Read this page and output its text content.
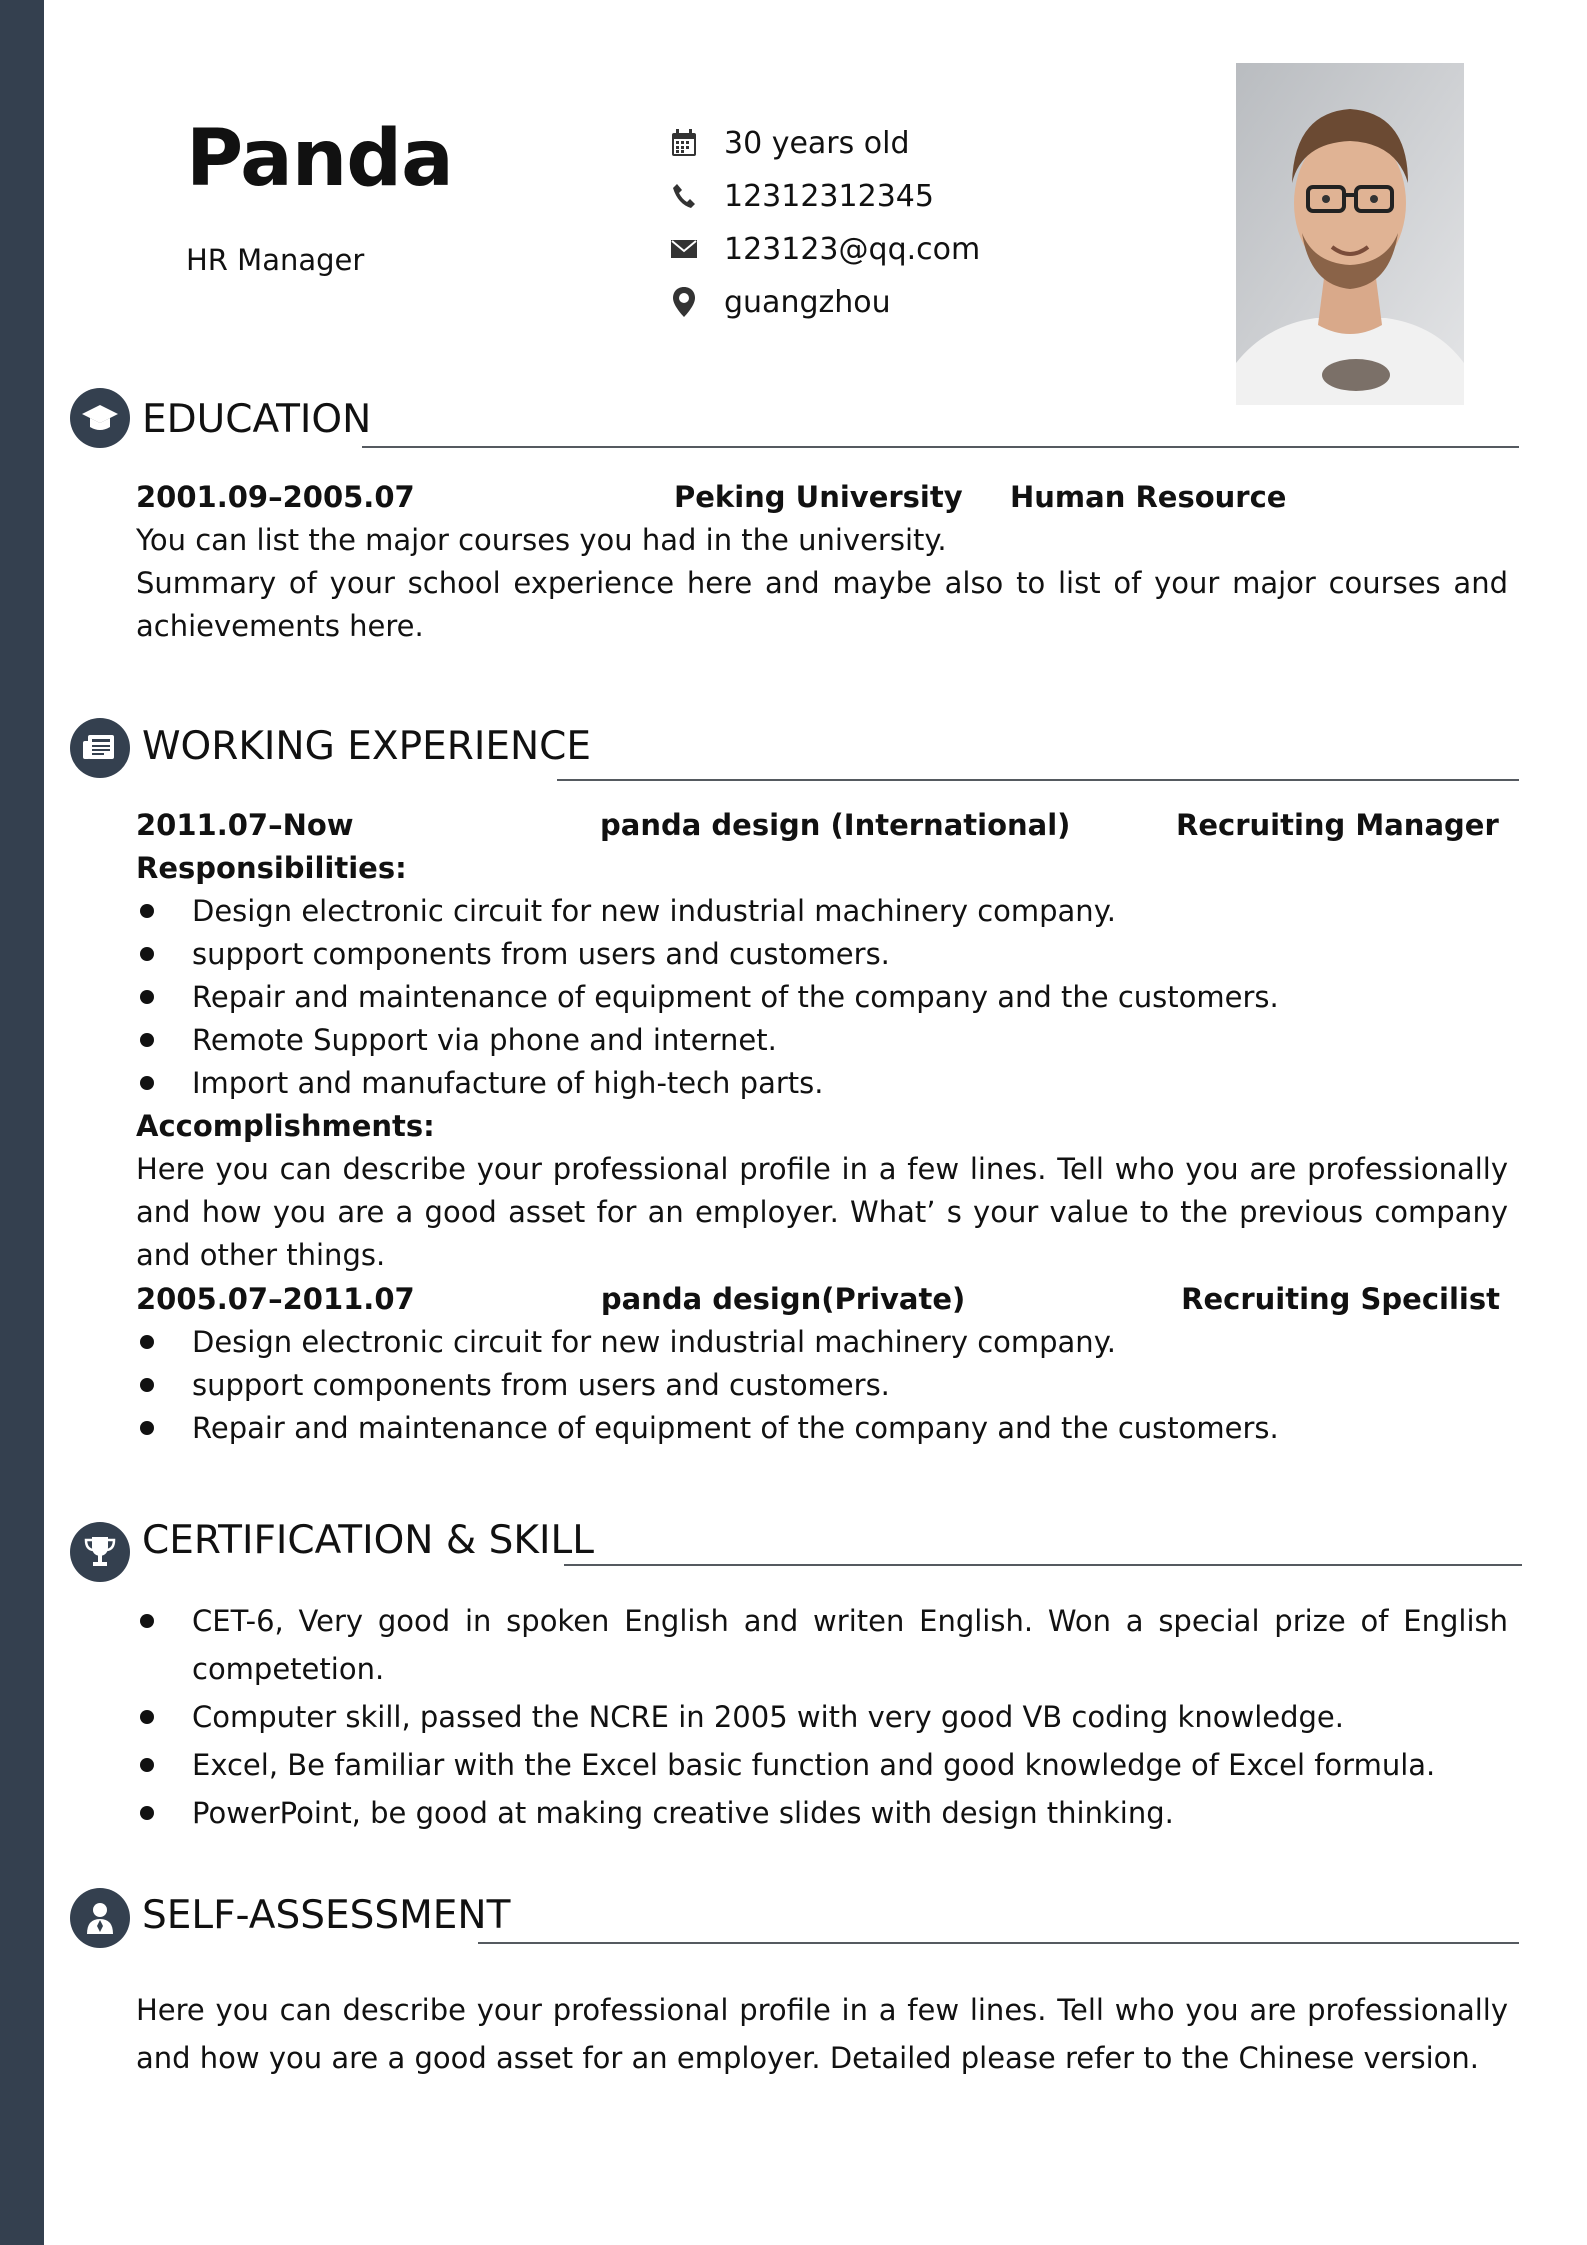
Panda
HR Manager
30 years old
12312312345
123123@qq.com
guangzhou
EDUCATION
2001.09–2005.07	Peking University	Human Resource
You can list the major courses you had in the university.
Summary of your school experience here and maybe also to list of your major courses and achievements here.
WORKING EXPERIENCE
2011.07–Now	panda design (International)	Recruiting Manager
Responsibilities:
Design electronic circuit for new industrial machinery company.
support components from users and customers.
Repair and maintenance of equipment of the company and the customers.
Remote Support via phone and internet.
Import and manufacture of high-tech parts.
Accomplishments:
Here you can describe your professional profile in a few lines. Tell who you are professionally and how you are a good asset for an employer. What’ s your value to the previous company and other things.
2005.07–2011.07	panda design(Private)	Recruiting Specilist
Design electronic circuit for new industrial machinery company.
support components from users and customers.
Repair and maintenance of equipment of the company and the customers.
CERTIFICATION & SKILL
CET-6, Very good in spoken English and writen English. Won a special prize of English competetion.
Computer skill, passed the NCRE in 2005 with very good VB coding knowledge.
Excel, Be familiar with the Excel basic function and good knowledge of Excel formula.
PowerPoint, be good at making creative slides with design thinking.
SELF-ASSESSMENT
Here you can describe your professional profile in a few lines. Tell who you are professionally and how you are a good asset for an employer. Detailed please refer to the Chinese version.
